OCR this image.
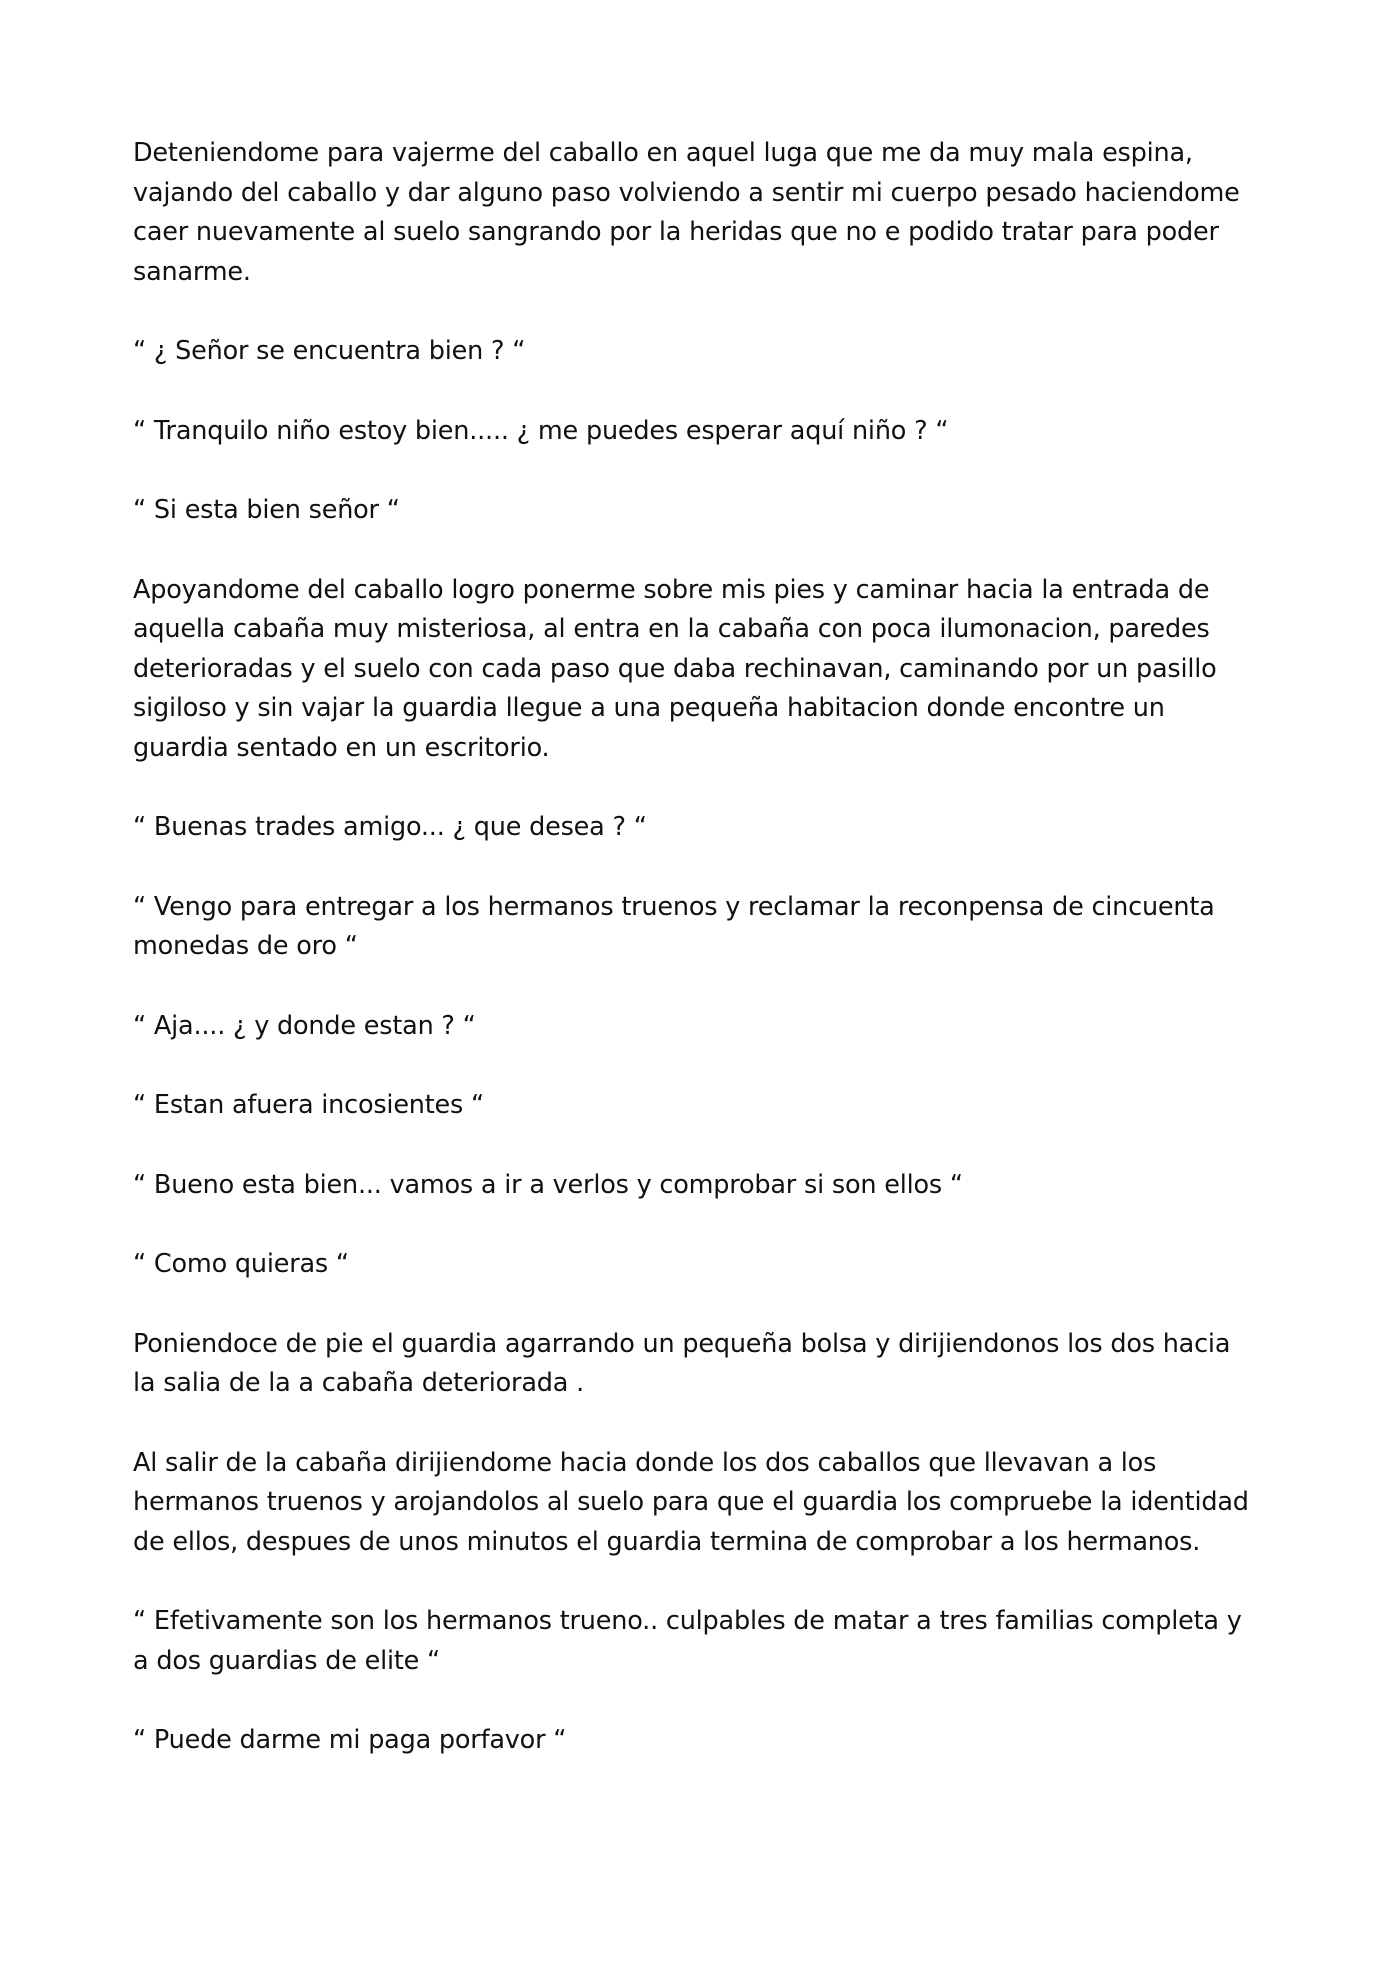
Deteniendome para vajerme del caballo en aquel luga que me da muy mala espina, vajando del caballo y dar alguno paso volviendo a sentir mi cuerpo pesado haciendome caer nuevamente al suelo sangrando por la heridas que no e podido tratar para poder sanarme.

“ ¿ Señor se encuentra bien ? “

“ Tranquilo niño estoy bien..... ¿ me puedes esperar aquí niño ? “

“ Si esta bien señor “

Apoyandome del caballo logro ponerme sobre mis pies y caminar hacia la entrada de aquella cabaña muy misteriosa, al entra en la cabaña con poca ilumonacion, paredes deterioradas y el suelo con cada paso que daba rechinavan, caminando por un pasillo sigiloso y sin vajar la guardia llegue a una pequeña habitacion donde encontre un guardia sentado en un escritorio.

“ Buenas trades amigo... ¿ que desea ? “

“ Vengo para entregar a los hermanos truenos y reclamar la reconpensa de cincuenta monedas de oro “

“ Aja.... ¿ y donde estan ? “

“ Estan afuera incosientes “

“ Bueno esta bien... vamos a ir a verlos y comprobar si son ellos “

“ Como quieras “

Poniendoce de pie el guardia agarrando un pequeña bolsa y dirijiendonos los dos hacia la salia de la a cabaña deteriorada .

Al salir de la cabaña dirijiendome hacia donde los dos caballos que llevavan a los hermanos truenos y arojandolos al suelo para que el guardia los compruebe la identidad de ellos, despues de unos minutos el guardia termina de comprobar a los hermanos.

“ Efetivamente son los hermanos trueno.. culpables de matar a tres familias completa y a dos guardias de elite “

“ Puede darme mi paga porfavor “
